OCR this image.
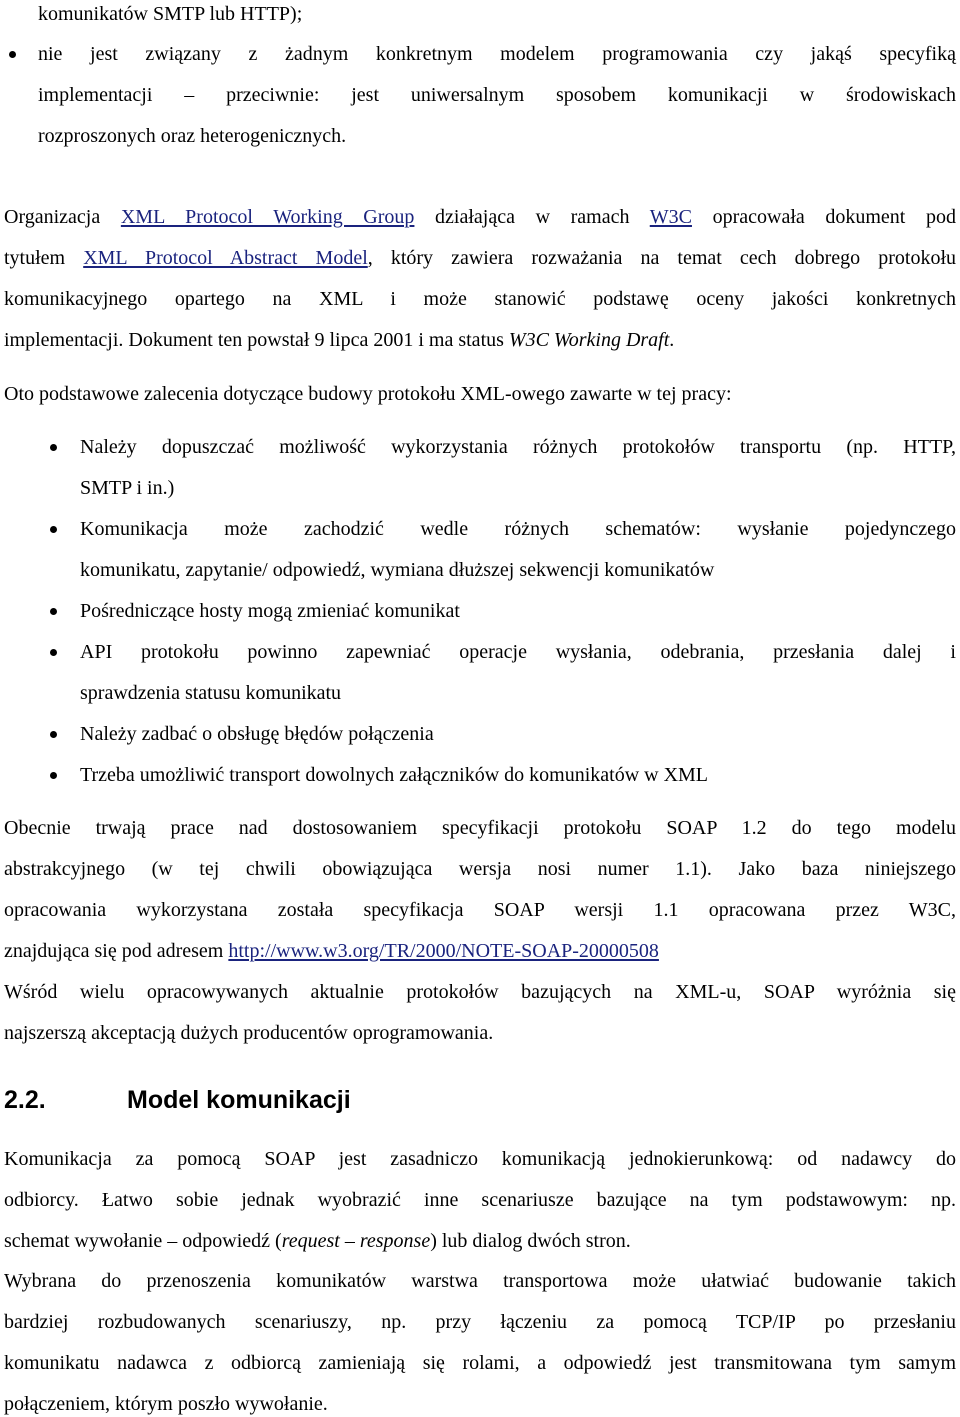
komunikatów SMTP lub HTTP);
nie jest związany z żadnym konkretnym modelem programowania czy jakąś specyfiką
implementacji – przeciwnie: jest uniwersalnym sposobem komunikacji w środowiskach
rozproszonych oraz heterogenicznych.
Organizacja XML Protocol Working Group działająca w ramach W3C opracowała dokument pod
tytułem XML Protocol Abstract Model, który zawiera rozważania na temat cech dobrego protokołu
komunikacyjnego opartego na XML i może stanowić podstawę oceny jakości konkretnych
implementacji. Dokument ten powstał 9 lipca 2001 i ma status W3C Working Draft.
Oto podstawowe zalecenia dotyczące budowy protokołu XML-owego zawarte w tej pracy:
Należy dopuszczać możliwość wykorzystania różnych protokołów transportu (np. HTTP,
SMTP i in.)
Komunikacja może zachodzić wedle różnych schematów: wysłanie pojedynczego
komunikatu, zapytanie/ odpowiedź, wymiana dłuższej sekwencji komunikatów
Pośredniczące hosty mogą zmieniać komunikat
API protokołu powinno zapewniać operacje wysłania, odebrania, przesłania dalej i
sprawdzenia statusu komunikatu
Należy zadbać o obsługę błędów połączenia
Trzeba umożliwić transport dowolnych załączników do komunikatów w XML
Obecnie trwają prace nad dostosowaniem specyfikacji protokołu SOAP 1.2 do tego modelu
abstrakcyjnego (w tej chwili obowiązująca wersja nosi numer 1.1). Jako baza niniejszego
opracowania wykorzystana została specyfikacja SOAP wersji 1.1 opracowana przez W3C,
znajdująca się pod adresem http://www.w3.org/TR/2000/NOTE-SOAP-20000508
Wśród wielu opracowywanych aktualnie protokołów bazujących na XML-u, SOAP wyróżnia się
najszerszą akceptacją dużych producentów oprogramowania.
2.2.	Model komunikacji
Komunikacja za pomocą SOAP jest zasadniczo komunikacją jednokierunkową: od nadawcy do
odbiorcy. Łatwo sobie jednak wyobrazić inne scenariusze bazujące na tym podstawowym: np.
schemat wywołanie – odpowiedź (request – response) lub dialog dwóch stron.
Wybrana do przenoszenia komunikatów warstwa transportowa może ułatwiać budowanie takich
bardziej rozbudowanych scenariuszy, np. przy łączeniu za pomocą TCP/IP po przesłaniu
komunikatu nadawca z odbiorcą zamieniają się rolami, a odpowiedź jest transmitowana tym samym
połączeniem, którym poszło wywołanie.
